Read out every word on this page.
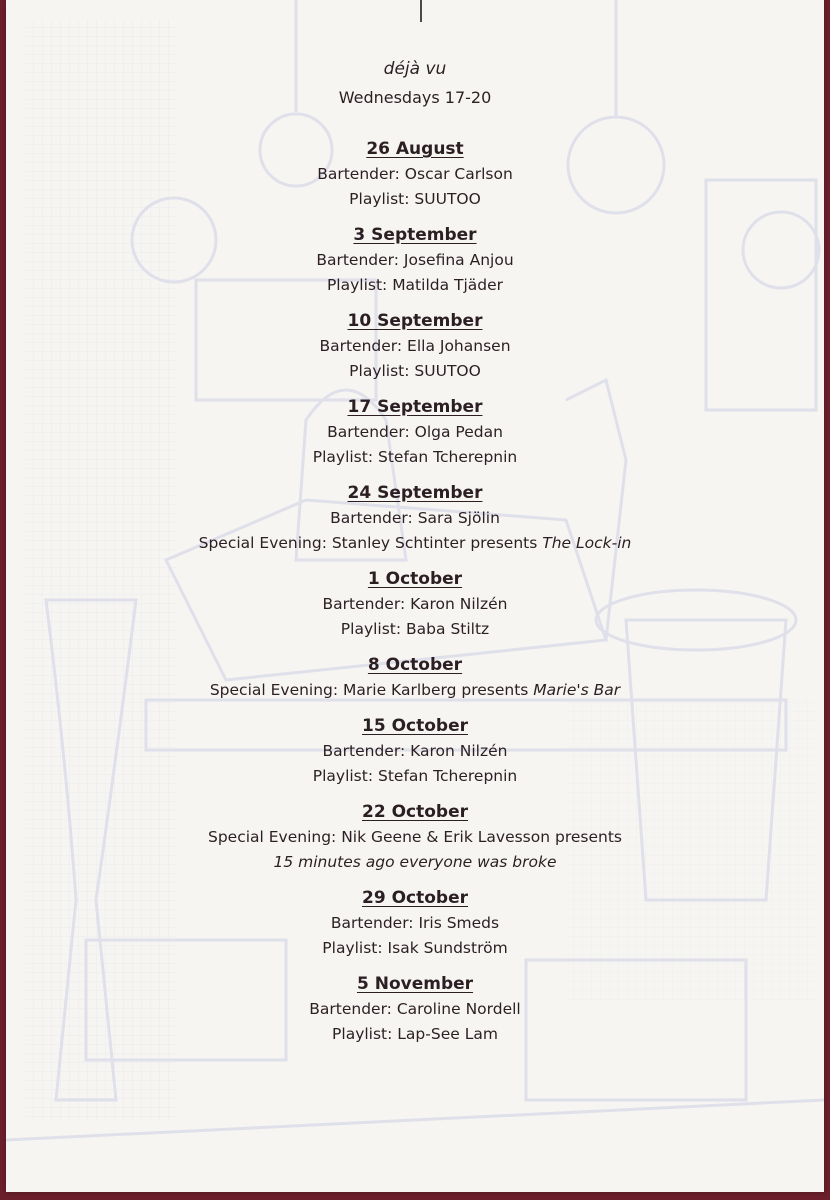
déjà vu

Wednesdays 17-20

26 August
Bartender: Oscar Carlson
Playlist: SUUTOO
3 September
Bartender: Josefina Anjou
Playlist: Matilda Tjäder
10 September
Bartender: Ella Johansen
Playlist: SUUTOO
17 September
Bartender: Olga Pedan
Playlist: Stefan Tcherepnin
24 September
Bartender: Sara Sjölin
Special Evening: Stanley Schtinter presents The Lock-in
1 October
Bartender: Karon Nilzén
Playlist: Baba Stiltz
8 October
Special Evening: Marie Karlberg presents Marie's Bar
15 October
Bartender: Karon Nilzén
Playlist: Stefan Tcherepnin
22 October
Special Evening: Nik Geene & Erik Lavesson presents
15 minutes ago everyone was broke
29 October
Bartender: Iris Smeds
Playlist: Isak Sundström
5 November
Bartender: Caroline Nordell
Playlist: Lap-See Lam
